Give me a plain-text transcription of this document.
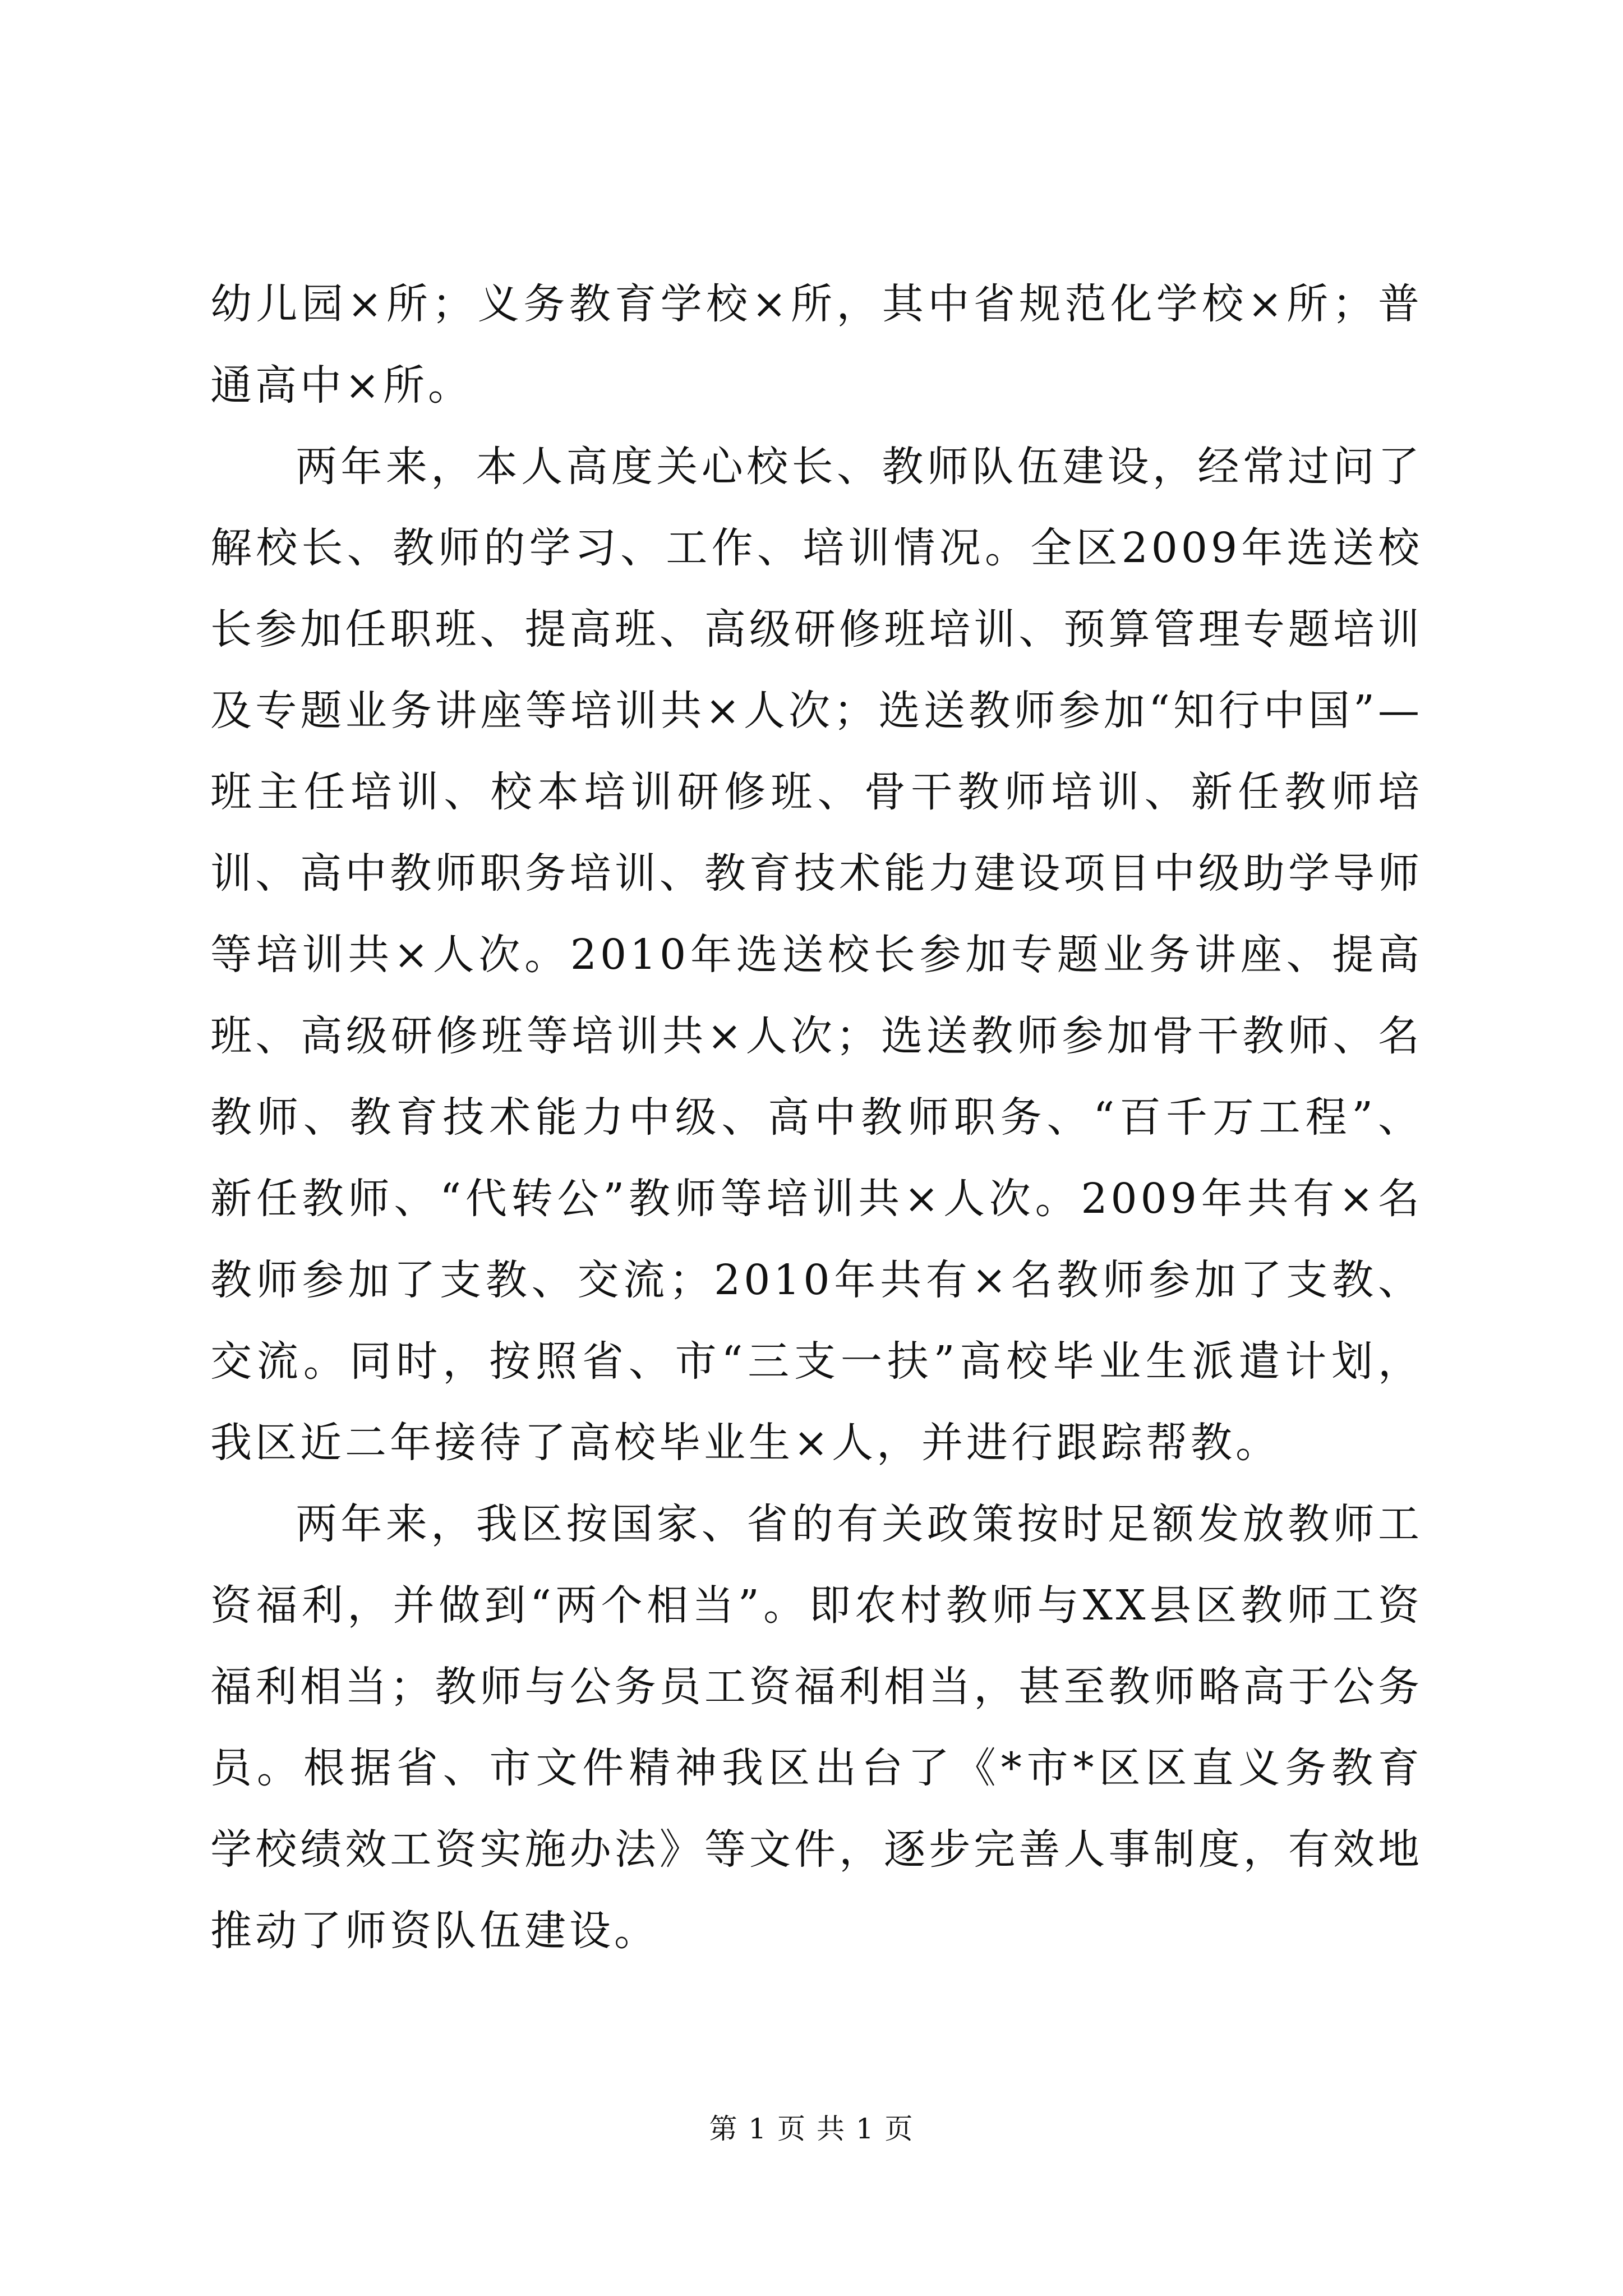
幼儿园×所；义务教育学校×所，其中省规范化学校×所；普通高中×所。

两年来，本人高度关心校长、教师队伍建设，经常过问了解校长、教师的学习、工作、培训情况。全区2009年选送校长参加任职班、提高班、高级研修班培训、预算管理专题培训及专题业务讲座等培训共×人次；选送教师参加“知行中国”—班主任培训、校本培训研修班、骨干教师培训、新任教师培训、高中教师职务培训、教育技术能力建设项目中级助学导师等培训共×人次。2010年选送校长参加专题业务讲座、提高班、高级研修班等培训共×人次；选送教师参加骨干教师、名教师、教育技术能力中级、高中教师职务、“百千万工程”、新任教师、“代转公”教师等培训共×人次。2009年共有×名教师参加了支教、交流；2010年共有×名教师参加了支教、交流。同时，按照省、市“三支一扶”高校毕业生派遣计划，我区近二年接待了高校毕业生×人，并进行跟踪帮教。

两年来，我区按国家、省的有关政策按时足额发放教师工资福利，并做到“两个相当”。即农村教师与XX县区教师工资福利相当；教师与公务员工资福利相当，甚至教师略高于公务员。根据省、市文件精神我区出台了《*市*区区直义务教育学校绩效工资实施办法》等文件，逐步完善人事制度，有效地推动了师资队伍建设。

第 1 页 共 1 页
